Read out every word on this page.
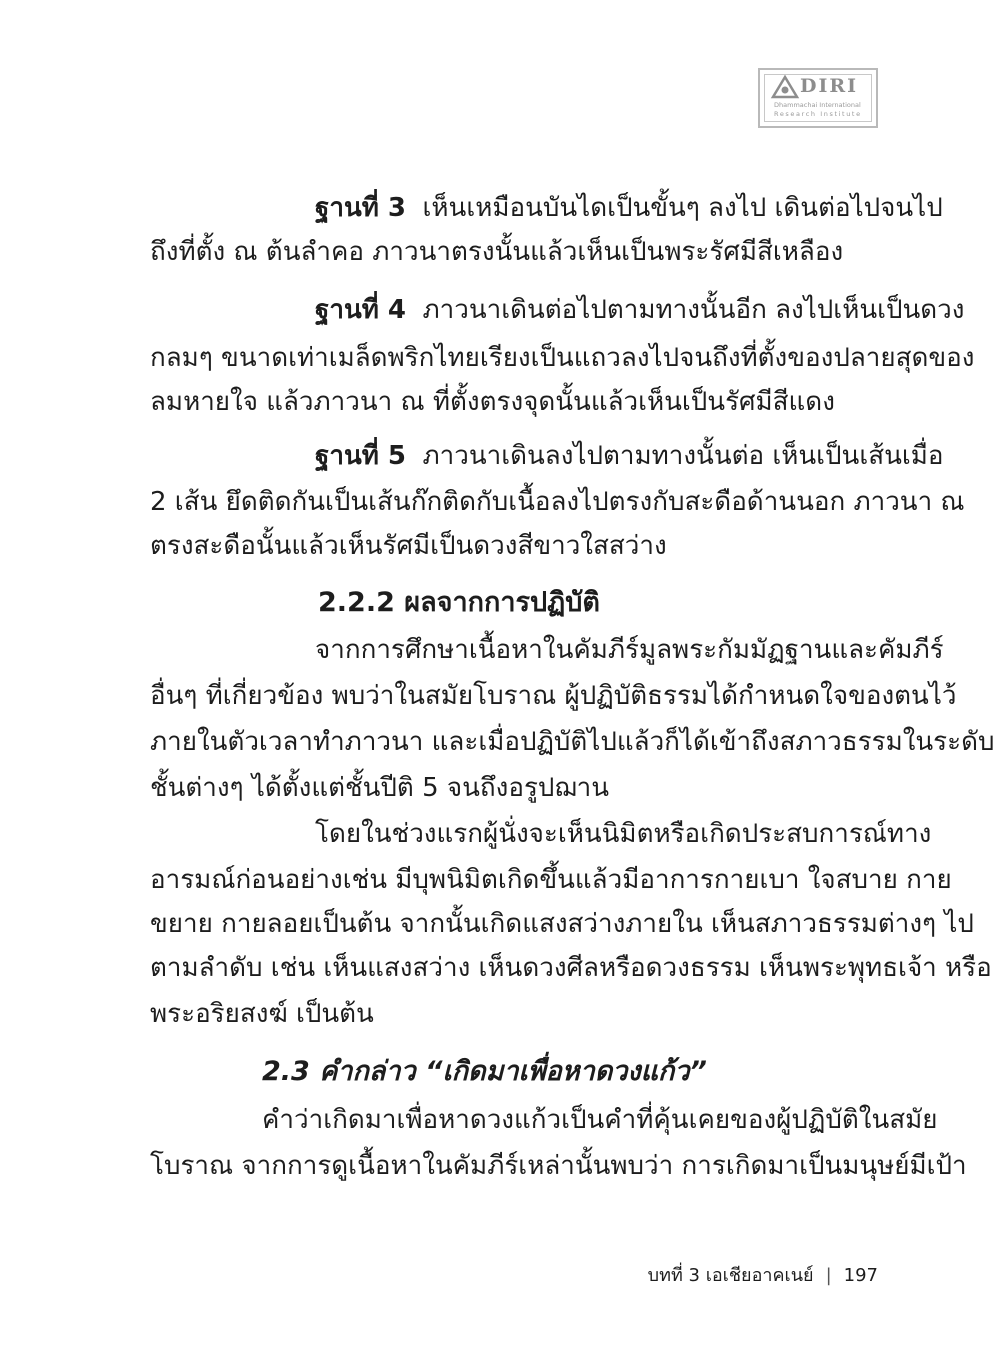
DIRI
Dhammachai International
Research Institute
ฐานที่ 3 เห็นเหมือนบันไดเป็นขั้นๆ ลงไป เดินต่อไปจนไป
ถึงที่ตั้ง ณ ต้นลำคอ ภาวนาตรงนั้นแล้วเห็นเป็นพระรัศมีสีเหลือง
ฐานที่ 4 ภาวนาเดินต่อไปตามทางนั้นอีก ลงไปเห็นเป็นดวง
กลมๆ ขนาดเท่าเมล็ดพริกไทยเรียงเป็นแถวลงไปจนถึงที่ตั้งของปลายสุดของ
ลมหายใจ แล้วภาวนา ณ ที่ตั้งตรงจุดนั้นแล้วเห็นเป็นรัศมีสีแดง
ฐานที่ 5 ภาวนาเดินลงไปตามทางนั้นต่อ เห็นเป็นเส้นเมื่อ
2 เส้น ยึดติดกันเป็นเส้นก๊กติดกับเนื้อลงไปตรงกับสะดือด้านนอก ภาวนา ณ
ตรงสะดือนั้นแล้วเห็นรัศมีเป็นดวงสีขาวใสสว่าง
2.2.2 ผลจากการปฏิบัติ
จากการศึกษาเนื้อหาในคัมภีร์มูลพระกัมมัฏฐานและคัมภีร์
อื่นๆ ที่เกี่ยวข้อง พบว่าในสมัยโบราณ ผู้ปฏิบัติธรรมได้กำหนดใจของตนไว้
ภายในตัวเวลาทำภาวนา และเมื่อปฏิบัติไปแล้วก็ได้เข้าถึงสภาวธรรมในระดับ
ชั้นต่างๆ ได้ตั้งแต่ชั้นปีติ 5 จนถึงอรูปฌาน
โดยในช่วงแรกผู้นั่งจะเห็นนิมิตหรือเกิดประสบการณ์ทาง
อารมณ์ก่อนอย่างเช่น มีบุพนิมิตเกิดขึ้นแล้วมีอาการกายเบา ใจสบาย กาย
ขยาย กายลอยเป็นต้น จากนั้นเกิดแสงสว่างภายใน เห็นสภาวธรรมต่างๆ ไป
ตามลำดับ เช่น เห็นแสงสว่าง เห็นดวงศีลหรือดวงธรรม เห็นพระพุทธเจ้า หรือ
พระอริยสงฆ์ เป็นต้น
2.3 คำกล่าว “เกิดมาเพื่อหาดวงแก้ว”
คำว่าเกิดมาเพื่อหาดวงแก้วเป็นคำที่คุ้นเคยของผู้ปฏิบัติในสมัย
โบราณ จากการดูเนื้อหาในคัมภีร์เหล่านั้นพบว่า การเกิดมาเป็นมนุษย์มีเป้า
บทที่ 3 เอเชียอาคเนย์ | 197
